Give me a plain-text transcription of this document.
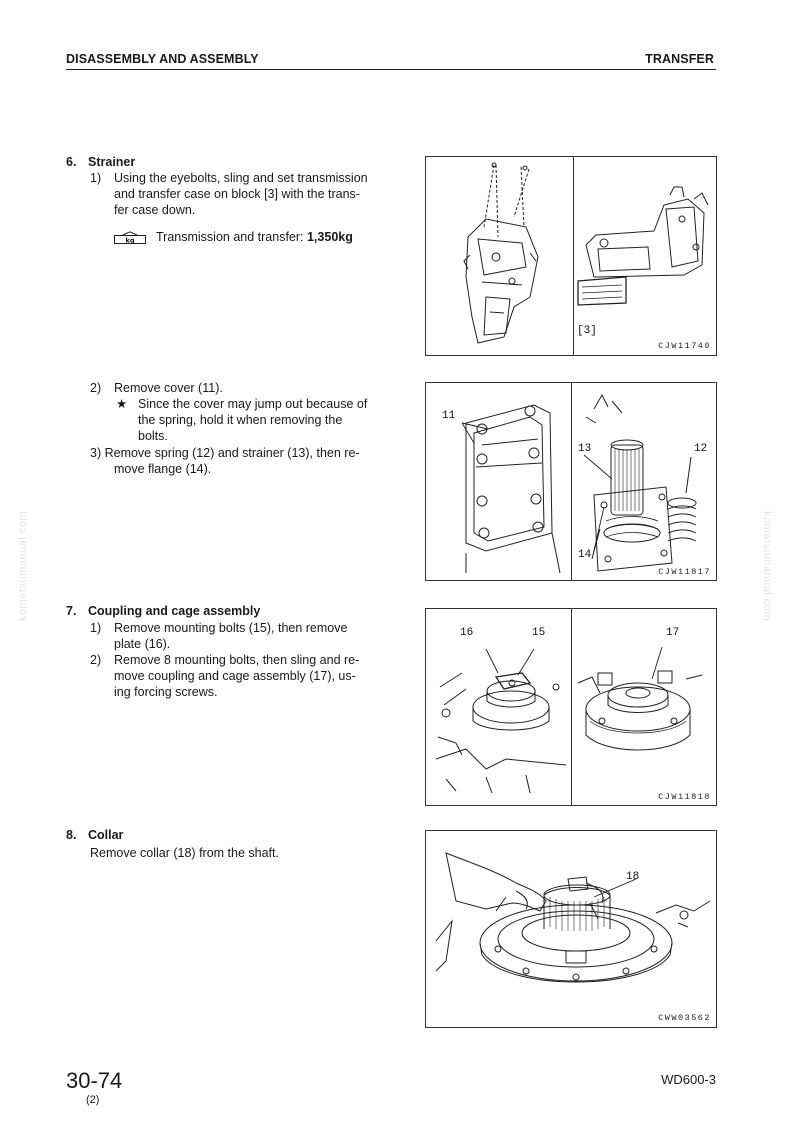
DISASSEMBLY AND ASSEMBLY	TRANSFER
komatsumanual.com	komatsumanual.com
6. Strainer
1) Using the eyebolts, sling and set transmission
and transfer case on block [3] with the trans-
fer case down.
kg Transmission and transfer: 1,350kg
2) Remove cover (11).
★ Since the cover may jump out because of
the spring, hold it when removing the
bolts.
3) Remove spring (12) and strainer (13), then re-
move flange (14).
7. Coupling and cage assembly
1) Remove mounting bolts (15), then remove
plate (16).
2) Remove 8 mounting bolts, then sling and re-
move coupling and cage assembly (17), us-
ing forcing screws.
8. Collar
Remove collar (18) from the shaft.
[3]
CJW11740
11
13	12
14
CJW11817
16	15	17
CJW11818
18
CWW03562
30-74
(2)
WD600-3
